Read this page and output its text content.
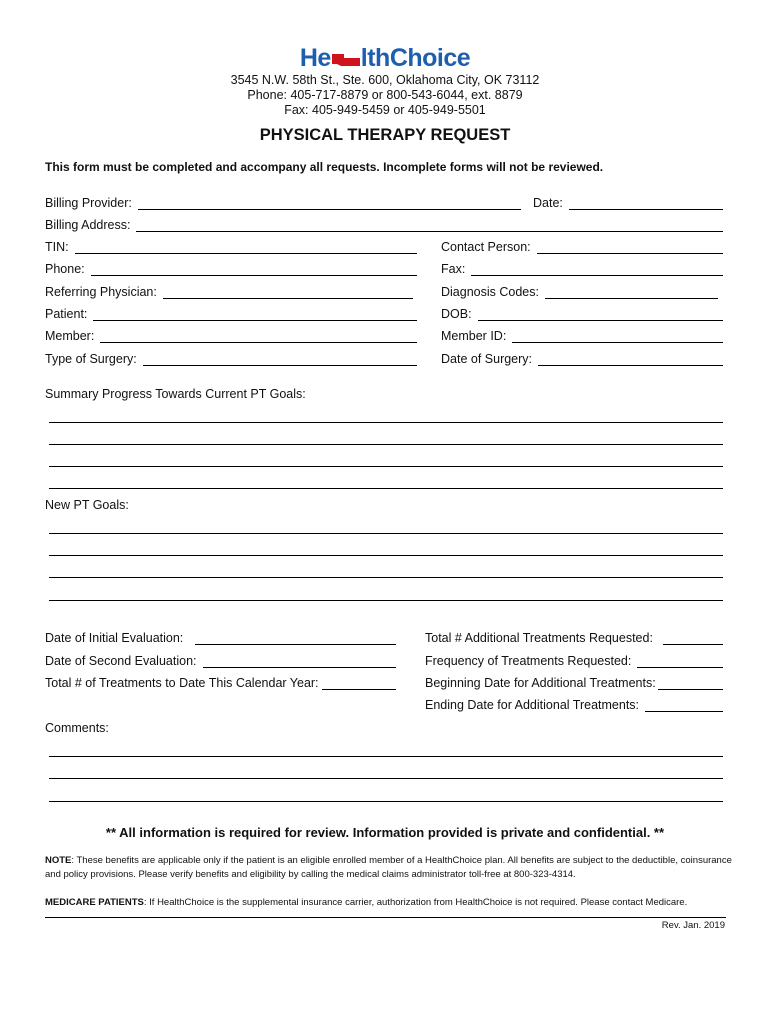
He lthChoice
3545 N.W. 58th St., Ste. 600, Oklahoma City, OK 73112
Phone: 405-717-8879 or 800-543-6044, ext. 8879
Fax: 405-949-5459 or 405-949-5501
PHYSICAL THERAPY REQUEST
This form must be completed and accompany all requests. Incomplete forms will not be reviewed.
Billing Provider:	Date:
Billing Address:
TIN:	Contact Person:
Phone:	Fax:
Referring Physician:	Diagnosis Codes:
Patient:	DOB:
Member:	Member ID:
Type of Surgery:	Date of Surgery:
Summary Progress Towards Current PT Goals:
New PT Goals:
Date of Initial Evaluation:	Total # Additional Treatments Requested:
Date of Second Evaluation:	Frequency of Treatments Requested:
Total # of Treatments to Date This Calendar Year:	Beginning Date for Additional Treatments:
Ending Date for Additional Treatments:
Comments:
** All information is required for review. Information provided is private and confidential. **
NOTE: These benefits are applicable only if the patient is an eligible enrolled member of a HealthChoice plan. All benefits are subject to the deductible, coinsurance and policy provisions. Please verify benefits and eligibility by calling the medical claims administrator toll-free at 800-323-4314.
MEDICARE PATIENTS: If HealthChoice is the supplemental insurance carrier, authorization from HealthChoice is not required. Please contact Medicare.
Rev. Jan. 2019
